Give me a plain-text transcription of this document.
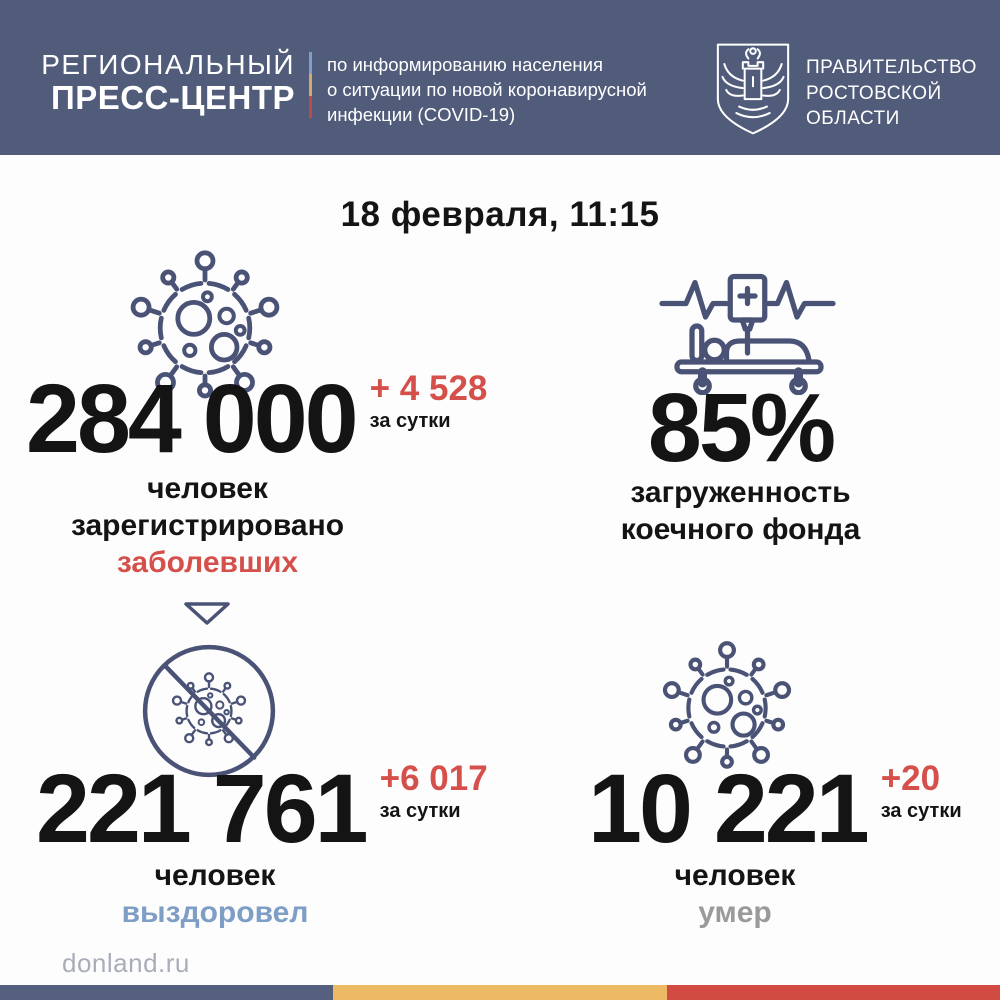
РЕГИОНАЛЬНЫЙ
ПРЕСС-ЦЕНТР
по информированию населения
о ситуации по новой коронавирусной
инфекции (COVID-19)
ПРАВИТЕЛЬСТВО
РОСТОВСКОЙ
ОБЛАСТИ
18 февраля, 11:15
284 000 + 4 528
за сутки
человек
зарегистрировано
заболевших
85%
загруженность
коечного фонда
221 761 +6 017
за сутки
человек
выздоровел
10 221 +20
за сутки
человек
умер
donland.ru
